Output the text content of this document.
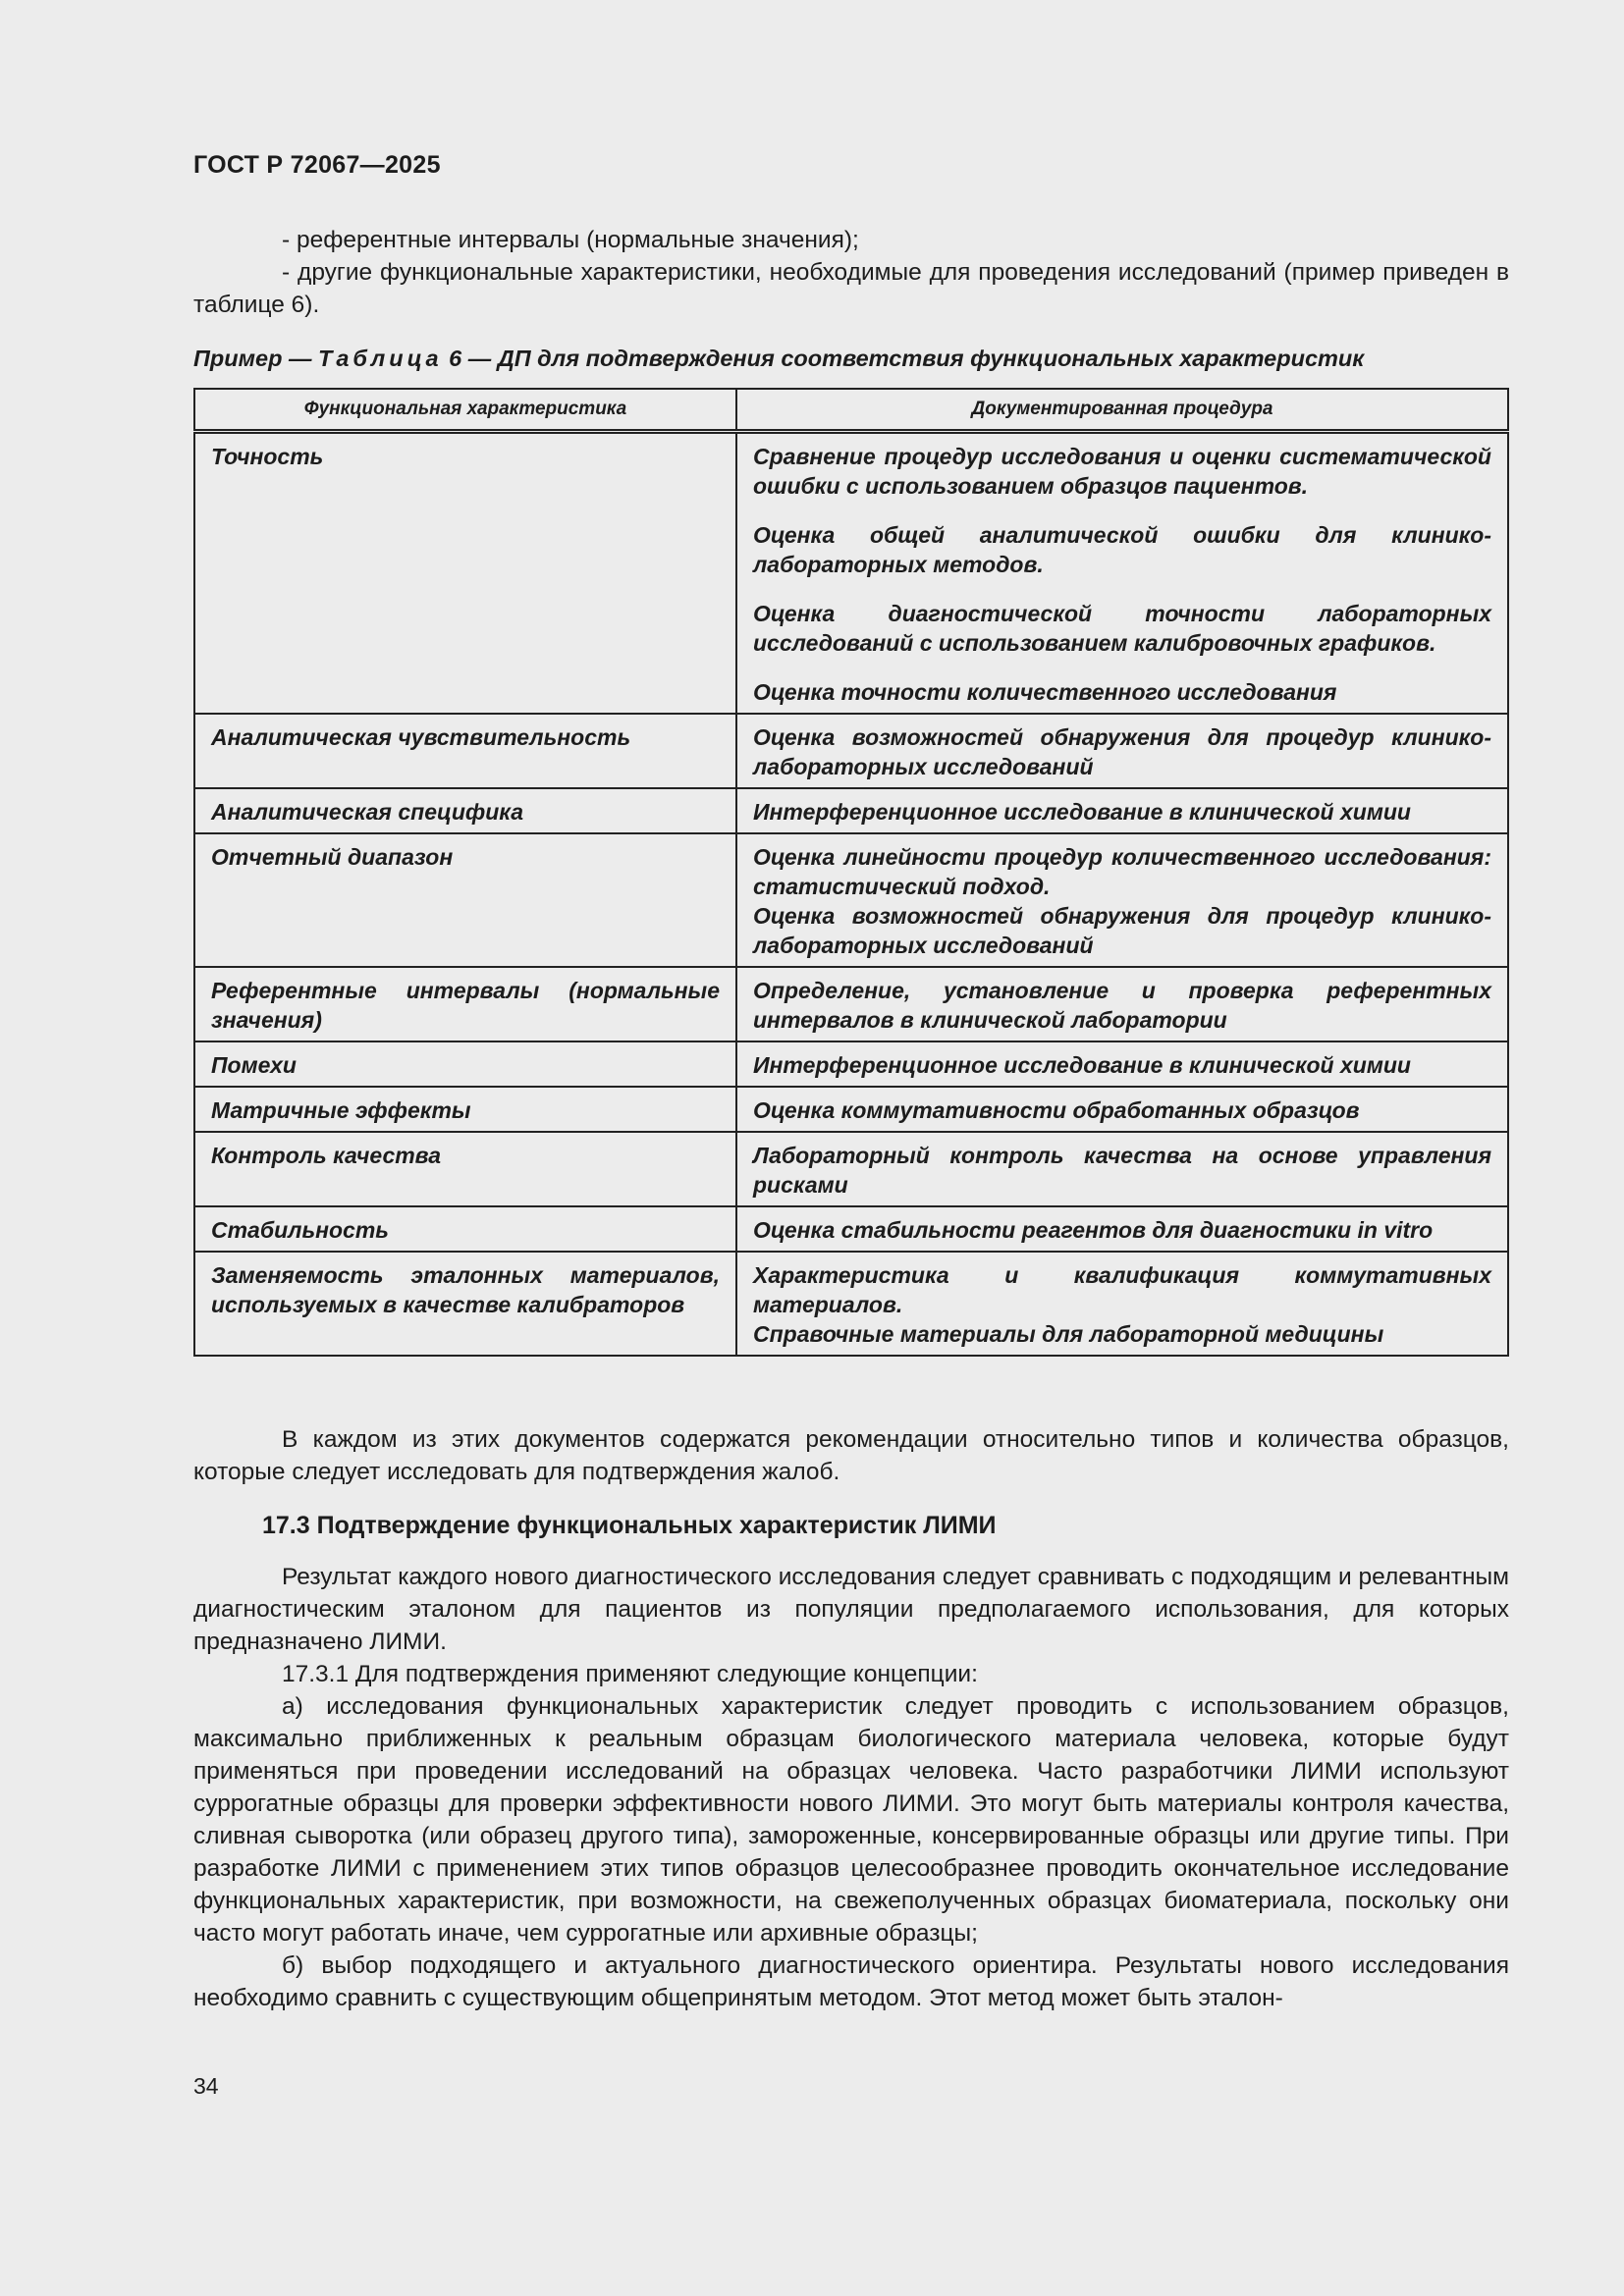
ГОСТ Р 72067—2025

- референтные интервалы (нормальные значения);

- другие функциональные характеристики, необходимые для проведения исследований (пример приведен в таблице 6).

Пример — Таблица 6 — ДП для подтверждения соответствия функциональных характеристик
Функциональная характеристика	Документированная процедура
Точность	Сравнение процедур исследования и оценки систематической ошибки с использованием образцов пациентов.

Оценка общей аналитической ошибки для клинико-лабораторных методов.

Оценка диагностической точности лабораторных исследований с использованием калибровочных графиков.

Оценка точности количественного исследования

Аналитическая чувствительность	Оценка возможностей обнаружения для процедур клинико-лабораторных исследований

Аналитическая специфика	Интерференционное исследование в клинической химии

Отчетный диапазон	Оценка линейности процедур количественного исследования: статистический подход.

Оценка возможностей обнаружения для процедур клинико-лабораторных исследований

Референтные интервалы (нормальные значения)	Определение, установление и проверка референтных интервалов в клинической лаборатории

Помехи	Интерференционное исследование в клинической химии

Матричные эффекты	Оценка коммутативности обработанных образцов

Контроль качества	Лабораторный контроль качества на основе управления рисками

Стабильность	Оценка стабильности реагентов для диагностики in vitro

Заменяемость эталонных материалов, используемых в качестве калибраторов	Характеристика и квалификация коммутативных материалов.

Справочные материалы для лабораторной медицины

В каждом из этих документов содержатся рекомендации относительно типов и количества образцов, которые следует исследовать для подтверждения жалоб.

17.3 Подтверждение функциональных характеристик ЛИМИ

Результат каждого нового диагностического исследования следует сравнивать с подходящим и релевантным диагностическим эталоном для пациентов из популяции предполагаемого использования, для которых предназначено ЛИМИ.

17.3.1 Для подтверждения применяют следующие концепции:

а) исследования функциональных характеристик следует проводить с использованием образцов, максимально приближенных к реальным образцам биологического материала человека, которые будут применяться при проведении исследований на образцах человека. Часто разработчики ЛИМИ используют суррогатные образцы для проверки эффективности нового ЛИМИ. Это могут быть материалы контроля качества, сливная сыворотка (или образец другого типа), замороженные, консервированные образцы или другие типы. При разработке ЛИМИ с применением этих типов образцов целесообразнее проводить окончательное исследование функциональных характеристик, при возможности, на свежеполученных образцах биоматериала, поскольку они часто могут работать иначе, чем суррогатные или архивные образцы;

б) выбор подходящего и актуального диагностического ориентира. Результаты нового исследования необходимо сравнить с существующим общепринятым методом. Этот метод может быть эталон-

34
